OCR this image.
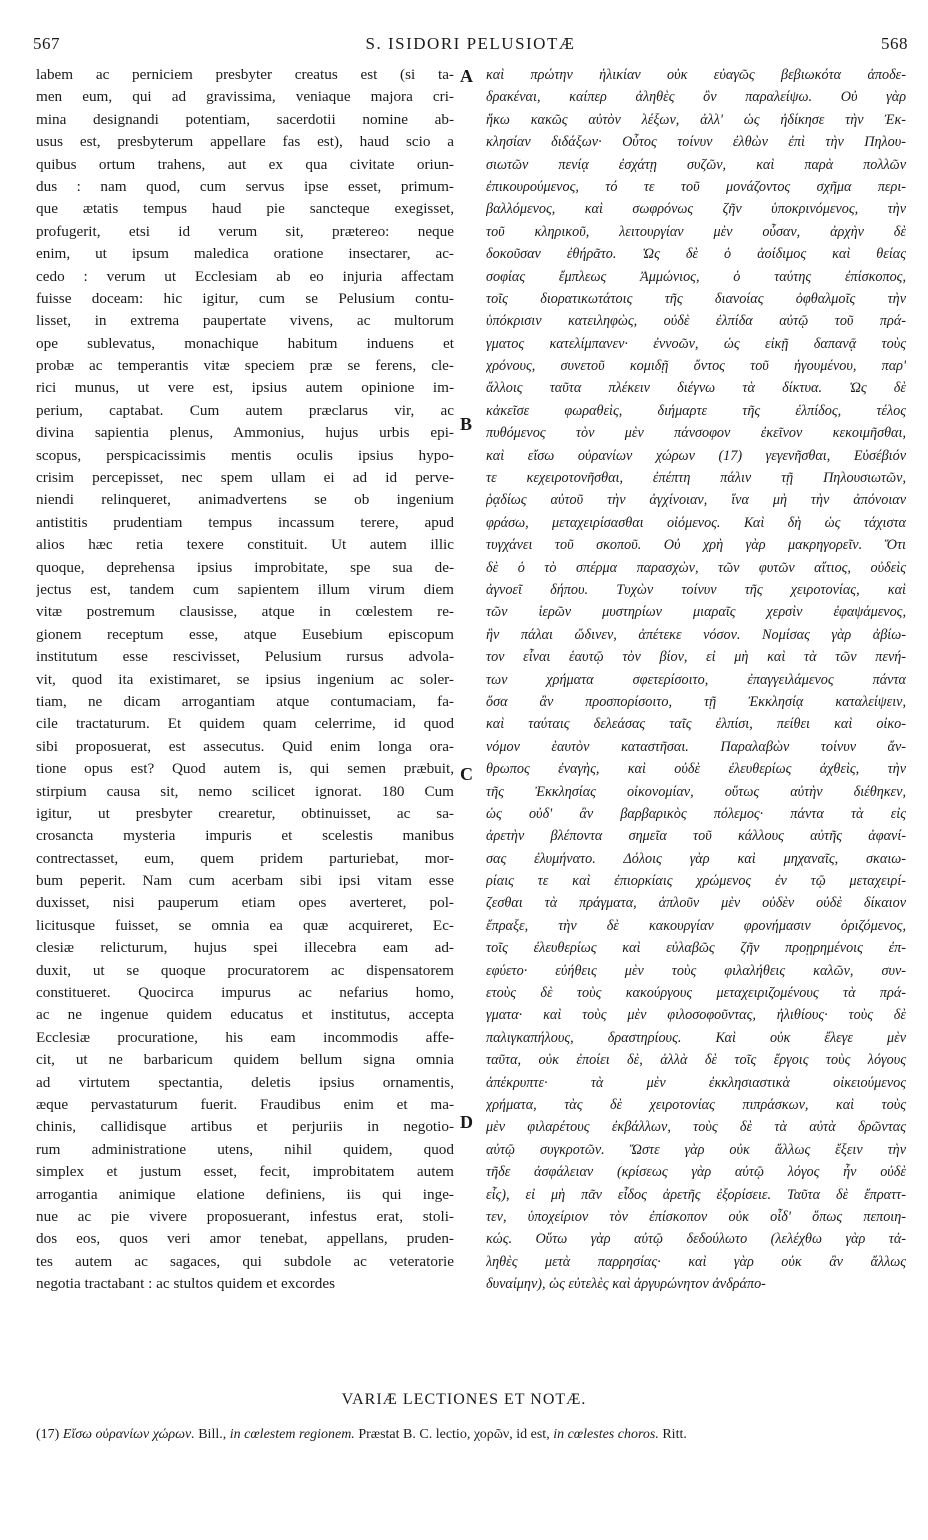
567	S. ISIDORI PELUSIOTÆ	568
labem ac perniciem presbyter creatus est (si ta-
men eum, qui ad gravissima, veniaque majora cri-
mina designandi potentiam, sacerdotii nomine ab-
usus est, presbyterum appellare fas est), haud scio a
quibus ortum trahens, aut ex qua civitate oriun-
dus : nam quod, cum servus ipse esset, primum-
que ætatis tempus haud pie sancteque exegisset,
profugerit, etsi id verum sit, prætereo: neque
enim, ut ipsum maledica oratione insectarer, ac-
cedo : verum ut Ecclesiam ab eo injuria affectam
fuisse doceam: hic igitur, cum se Pelusium contu-
lisset, in extrema paupertate vivens, ac multorum
ope sublevatus, monachique habitum induens et
probæ ac temperantis vitæ speciem præ se ferens, cle-
rici munus, ut vere est, ipsius autem opinione im-
perium, captabat. Cum autem præclarus vir, ac
divina sapientia plenus, Ammonius, hujus urbis epi-
scopus, perspicacissimis mentis oculis ipsius hypo-
crisim percepisset, nec spem ullam ei ad id perve-
niendi relinqueret, animadvertens se ob ingenium
antistitis prudentiam tempus incassum terere, apud
alios hæc retia texere constituit. Ut autem illic
quoque, deprehensa ipsius improbitate, spe sua de-
jectus est, tandem cum sapientem illum virum diem
vitæ postremum clausisse, atque in cœlestem re-
gionem receptum esse, atque Eusebium episcopum
institutum esse rescivisset, Pelusium rursus advola-
vit, quod ita existimaret, se ipsius ingenium ac soler-
tiam, ne dicam arrogantiam atque contumaciam, fa-
cile tractaturum. Et quidem quam celerrime, id quod
sibi proposuerat, est assecutus. Quid enim longa ora-
tione opus est? Quod autem is, qui semen præbuit,
stirpium causa sit, nemo scilicet ignorat. 180 Cum
igitur, ut presbyter crearetur, obtinuisset, ac sa-
crosancta mysteria impuris et scelestis manibus
contrectasset, eum, quem pridem parturiebat, mor-
bum peperit. Nam cum acerbam sibi ipsi vitam esse
duxisset, nisi pauperum etiam opes averteret, pol-
licitusque fuisset, se omnia ea quæ acquireret, Ec-
clesiæ relicturum, hujus spei illecebra eam ad-
duxit, ut se quoque procuratorem ac dispensatorem
constitueret. Quocirca impurus ac nefarius homo,
ac ne ingenue quidem educatus et institutus, accepta
Ecclesiæ procuratione, his eam incommodis affe-
cit, ut ne barbaricum quidem bellum signa omnia
ad virtutem spectantia, deletis ipsius ornamentis,
æque pervastaturum fuerit. Fraudibus enim et ma-
chinis, callidisque artibus et perjuriis in negotio-
rum administratione utens, nihil quidem, quod
simplex et justum esset, fecit, improbitatem autem
arrogantia animique elatione definiens, iis qui inge-
nue ac pie vivere proposuerant, infestus erat, stoli-
dos eos, quos veri amor tenebat, appellans, pruden-
tes autem ac sagaces, qui subdole ac veteratorie
negotia tractabant : ac stultos quidem et excordes
καὶ πρώτην ἡλικίαν οὐκ εὐαγῶς βεβιωκότα ἀποδε-
δρακέναι, καίπερ ἀληθὲς ὂν παραλείψω. Οὐ γὰρ
ἥκω κακῶς αὐτὸν λέξων, ἀλλ' ὡς ἠδίκησε τὴν Ἐκ-
κλησίαν διδάξων· Οὗτος τοίνυν ἐλθὼν ἐπὶ τὴν Πηλου-
σιωτῶν πενίᾳ ἐσχάτῃ συζῶν, καὶ παρὰ πολλῶν
ἐπικουρούμενος, τό τε τοῦ μονάζοντος σχῆμα περι-
βαλλόμενος, καὶ σωφρόνως ζῆν ὑποκρινόμενος, τὴν
τοῦ κληρικοῦ, λειτουργίαν μὲν οὖσαν, ἀρχὴν δὲ
δοκοῦσαν ἐθήρᾶτο. Ὡς δὲ ὁ ἀοίδιμος καὶ θείας
σοφίας ἔμπλεως Ἀμμώνιος, ὁ ταύτης ἐπίσκοπος,
τοῖς διορατικωτάτοις τῆς διανοίας ὀφθαλμοῖς τὴν
ὑπόκρισιν κατειληφὼς, οὐδὲ ἐλπίδα αὐτῷ τοῦ πρά-
γματος κατελίμπανεν· ἐννοῶν, ὡς εἰκῇ δαπανᾷ τοὺς
χρόνους, συνετοῦ κομιδῇ ὄντος τοῦ ἡγουμένου, παρ'
ἄλλοις ταῦτα πλέκειν διέγνω τὰ δίκτυα. Ὡς δὲ
κἀκεῖσε φωραθεὶς, διήμαρτε τῆς ἐλπίδος, τέλος
πυθόμενος τὸν μὲν πάνσοφον ἐκεῖνον κεκοιμῆσθαι,
καὶ εἴσω οὐρανίων χώρων (17) γεγενῆσθαι, Εὐσέβιόν
τε κεχειροτονῆσθαι, ἐπέπτη πάλιν τῇ Πηλουσιωτῶν,
ῥᾳδίως αὐτοῦ τὴν ἀγχίνοιαν, ἵνα μὴ τὴν ἀπόνοιαν
φράσω, μεταχειρίσασθαι οἰόμενος. Καὶ δὴ ὡς τάχιστα
τυγχάνει τοῦ σκοποῦ. Οὐ χρὴ γὰρ μακρηγορεῖν. Ὅτι
δὲ ὁ τὸ σπέρμα παρασχὼν, τῶν φυτῶν αἴτιος, οὐδεὶς
ἀγνοεῖ δήπου. Τυχὼν τοίνυν τῆς χειροτονίας, καὶ
τῶν ἱερῶν μυστηρίων μιαραῖς χερσὶν ἐφαψάμενος,
ἣν πάλαι ὤδινεν, ἀπέτεκε νόσον. Νομίσας γὰρ ἀβίω-
τον εἶναι ἑαυτῷ τὸν βίον, εἰ μὴ καὶ τὰ τῶν πενή-
των χρήματα σφετερίσοιτο, ἐπαγγειλάμενος πάντα
ὅσα ἂν προσπορίσοιτο, τῇ Ἐκκλησίᾳ καταλείψειν,
καὶ ταύταις δελεάσας ταῖς ἐλπίσι, πείθει καὶ οἰκο-
νόμον ἑαυτὸν καταστῆσαι. Παραλαβὼν τοίνυν ἄν-
θρωπος ἐναγὴς, καὶ οὐδὲ ἐλευθερίως ἀχθεὶς, τὴν
τῆς Ἐκκλησίας οἰκονομίαν, οὕτως αὐτὴν διέθηκεν,
ὡς οὐδ' ἂν βαρβαρικὸς πόλεμος· πάντα τὰ εἰς
ἀρετὴν βλέποντα σημεῖα τοῦ κάλλους αὐτῆς ἀφανί-
σας ἐλυμήνατο. Δόλοις γὰρ καὶ μηχαναῖς, σκαιω-
ρίαις τε καὶ ἐπιορκίαις χρώμενος ἐν τῷ μεταχειρί-
ζεσθαι τὰ πράγματα, ἁπλοῦν μὲν οὐδὲν οὐδὲ δίκαιον
ἔπραξε, τὴν δὲ κακουργίαν φρονήμασιν ὁριζόμενος,
τοῖς ἐλευθερίως καὶ εὐλαβῶς ζῆν προῃρημένοις ἐπ-
εφύετο· εὐήθεις μὲν τοὺς φιλαλήθεις καλῶν, συν-
ετοὺς δὲ τοὺς κακούργους μεταχειριζομένους τὰ πρά-
γματα· καὶ τοὺς μὲν φιλοσοφοῦντας, ἠλιθίους· τοὺς δὲ
παλιγκαπήλους, δραστηρίους. Καὶ οὐκ ἔλεγε μὲν
ταῦτα, οὐκ ἐποίει δὲ, ἀλλὰ δὲ τοῖς ἔργοις τοὺς λόγους
ἀπέκρυπτε· τὰ μὲν ἐκκλησιαστικὰ οἰκειούμενος
χρήματα, τὰς δὲ χειροτονίας πιπράσκων, καὶ τοὺς
μὲν φιλαρέτους ἐκβάλλων, τοὺς δὲ τὰ αὐτὰ δρῶντας
αὐτῷ συγκροτῶν. Ὥστε γὰρ οὐκ ἄλλως ἔξειν τὴν
τῆδε ἀσφάλειαν (κρίσεως γὰρ αὐτῷ λόγος ἦν οὐδὲ
εἷς), εἰ μὴ πᾶν εἶδος ἀρετῆς ἐξορίσειε. Ταῦτα δὲ ἔπραττ-
τεν, ὑποχείριον τὸν ἐπίσκοπον οὐκ οἶδ' ὅπως πεποιη-
κώς. Οὕτω γὰρ αὐτῷ δεδούλωτο (λελέχθω γὰρ τἀ-
ληθὲς μετὰ παρρησίας· καὶ γὰρ οὐκ ἂν ἄλλως
δυναίμην), ὡς εὐτελὲς καὶ ἀργυρώνητον ἀνδράπο-
A
B
C
D
VARIÆ LECTIONES ET NOTÆ.
(17) Εἴσω οὐρανίων χώρων. Bill., in cœlestem regionem. Præstat B. C. lectio, χορῶν, id est, in cœlestes choros. Ritt.
